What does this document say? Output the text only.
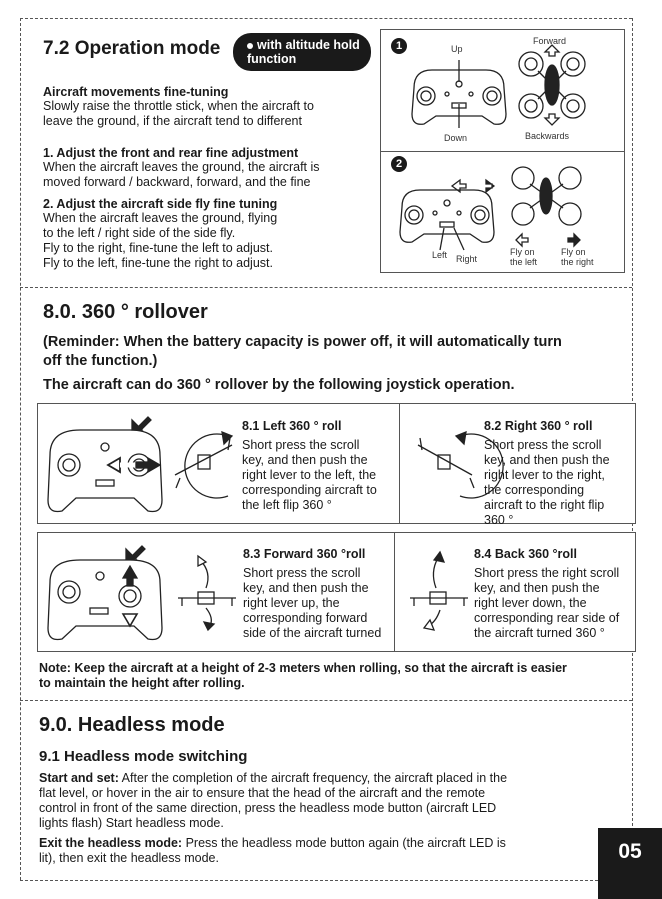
7.2 Operation mode	with altitude hold function
Aircraft movements fine-tuning
Slowly raise the throttle stick, when the aircraft to
leave the ground, if the aircraft tend to different
1. Adjust the front and rear fine adjustment
When the aircraft leaves the ground, the aircraft is
moved forward / backward, forward, and the fine
2. Adjust the aircraft side fly fine tuning
When the aircraft leaves the ground, flying
to the left / right side of the side fly.
Fly to the right, fine-tune the left to adjust.
Fly to the left, fine-tune the right to adjust.
1
2
Up
Down
Forward
Backwards
Left Right
Fly on
the left
Fly on
the right
8.0. 360 ° rollover
(Reminder: When the battery capacity is power off, it will automatically turn
off the function.)
The aircraft can do 360 ° rollover by the following joystick operation.
8.1 Left 360 ° roll
Short press the scroll
key, and then push the
right lever to the left, the
corresponding aircraft to
the left flip 360 °
8.2 Right 360 ° roll
Short press the scroll
key, and then push the
right lever to the right,
the corresponding
aircraft to the right flip
360 °
8.3 Forward 360 °roll
Short press the scroll
key, and then push the
right lever up, the
corresponding forward
side of the aircraft turned
8.4 Back 360 °roll
Short press the right scroll
key, and then push the
right lever down, the
corresponding rear side of
the aircraft turned 360 °
Note: Keep the aircraft at a height of 2-3 meters when rolling, so that the aircraft is easier
to maintain the height after rolling.
9.0. Headless mode
9.1 Headless mode switching
Start and set: After the completion of the aircraft frequency, the aircraft placed in the
flat level, or hover in the air to ensure that the head of the aircraft and the remote
control in front of the same direction, press the headless mode button (aircraft LED
lights flash) Start headless mode.
Exit the headless mode: Press the headless mode button again (the aircraft LED is
lit), then exit the headless mode.	05
